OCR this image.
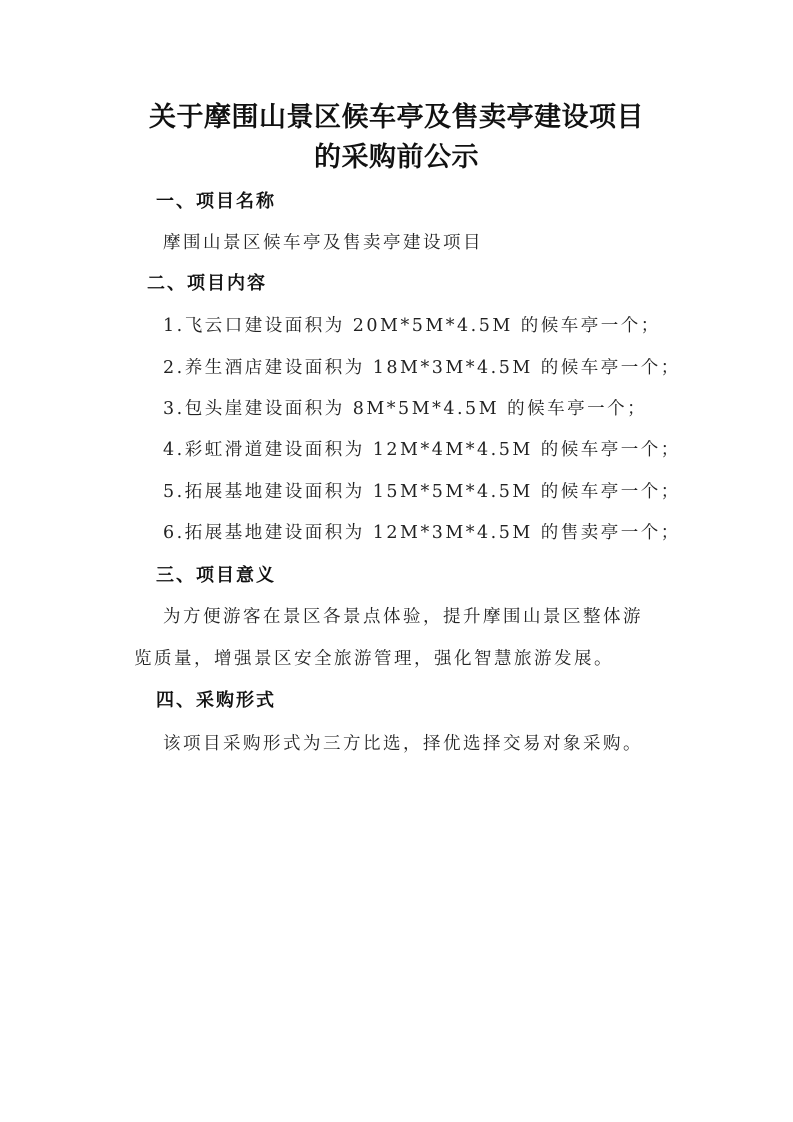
关于摩围山景区候车亭及售卖亭建设项目
的采购前公示
一、项目名称
摩围山景区候车亭及售卖亭建设项目
二、项目内容
1.飞云口建设面积为 20M*5M*4.5M 的候车亭一个；
2.养生酒店建设面积为 18M*3M*4.5M 的候车亭一个；
3.包头崖建设面积为 8M*5M*4.5M 的候车亭一个；
4.彩虹滑道建设面积为 12M*4M*4.5M 的候车亭一个；
5.拓展基地建设面积为 15M*5M*4.5M 的候车亭一个；
6.拓展基地建设面积为 12M*3M*4.5M 的售卖亭一个；
三、项目意义
为方便游客在景区各景点体验，提升摩围山景区整体游
览质量，增强景区安全旅游管理，强化智慧旅游发展。
四、采购形式
该项目采购形式为三方比选，择优选择交易对象采购。
